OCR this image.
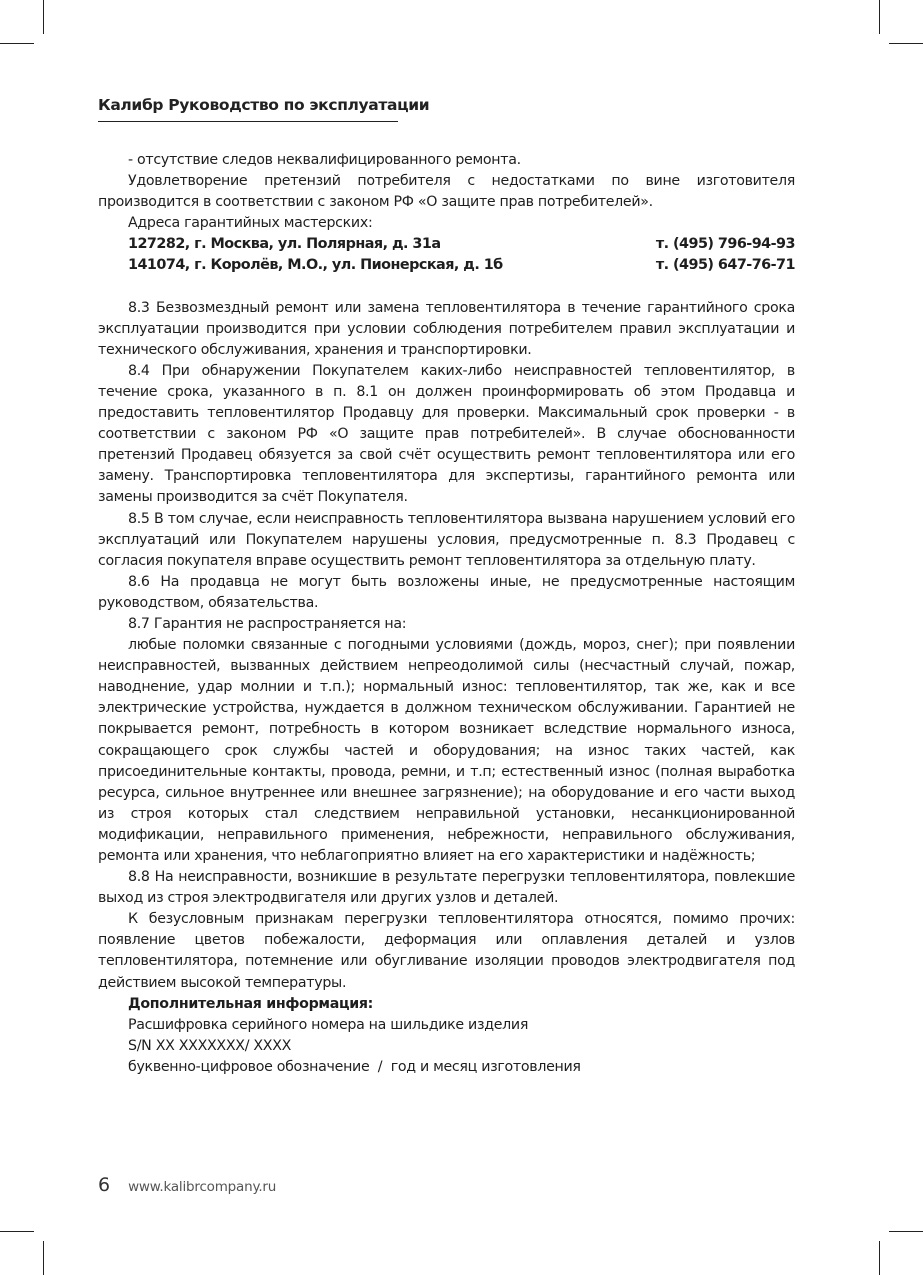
Калибр Руководство по эксплуатации

- отсутствие следов неквалифицированного ремонта.

Удовлетворение претензий потребителя с недостатками по вине изготовителя производится в соответствии с законом РФ «О защите прав потребителей».

Адреса гарантийных мастерских:

127282, г. Москва, ул. Полярная, д. 31а	т. (495) 796-94-93
141074, г. Королёв, М.О., ул. Пионерская, д. 1б	т. (495) 647-76-71

8.3 Безвозмездный ремонт или замена тепловентилятора в течение гарантийного срока эксплуатации производится при условии соблюдения потребителем правил эксплуатации и технического обслуживания, хранения и транспортировки.

8.4 При обнаружении Покупателем каких-либо неисправностей тепловентилятор, в течение срока, указанного в п. 8.1 он должен проинформировать об этом Продавца и предоставить тепловентилятор Продавцу для проверки. Максимальный срок проверки - в соответствии с законом РФ «О защите прав потребителей». В случае обоснованности претензий Продавец обязуется за свой счёт осуществить ремонт тепловентилятора или его замену. Транспортировка тепловентилятора для экспертизы, гарантийного ремонта или замены производится за счёт Покупателя.

8.5 В том случае, если неисправность тепловентилятора вызвана нарушением условий его эксплуатаций или Покупателем нарушены условия, предусмотренные п. 8.3 Продавец с согласия покупателя вправе осуществить ремонт тепловентилятора за отдельную плату.

8.6 На продавца не могут быть возложены иные, не предусмотренные настоящим руководством, обязательства.

8.7 Гарантия не распространяется на:

любые поломки связанные с погодными условиями (дождь, мороз, снег); при появлении неисправностей, вызванных действием непреодолимой силы (несчастный случай, пожар, наводнение, удар молнии и т.п.); нормальный износ: тепловентилятор, так же, как и все электрические устройства, нуждается в должном техническом обслуживании. Гарантией не покрывается ремонт, потребность в котором возникает вследствие нормального износа, сокращающего срок службы частей и оборудования; на износ таких частей, как присоединительные контакты, провода, ремни, и т.п; естественный износ (полная выработка ресурса, сильное внутреннее или внешнее загрязнение); на оборудование и его части выход из строя которых стал следствием неправильной установки, несанкционированной модификации, неправильного применения, небрежности, неправильного обслуживания, ремонта или хранения, что неблагоприятно влияет на его характеристики и надёжность;

8.8 На неисправности, возникшие в результате перегрузки тепловентилятора, повлекшие выход из строя электродвигателя или других узлов и деталей.

К безусловным признакам перегрузки тепловентилятора относятся, помимо прочих: появление цветов побежалости, деформация или оплавления деталей и узлов тепловентилятора, потемнение или обугливание изоляции проводов электродвигателя под действием высокой температуры.

Дополнительная информация:

Расшифровка серийного номера на шильдике изделия

S/N XX XXXXXXX/ XXXX

буквенно-цифровое обозначение  /  год и месяц изготовления

6 www.kalibrcompany.ru
